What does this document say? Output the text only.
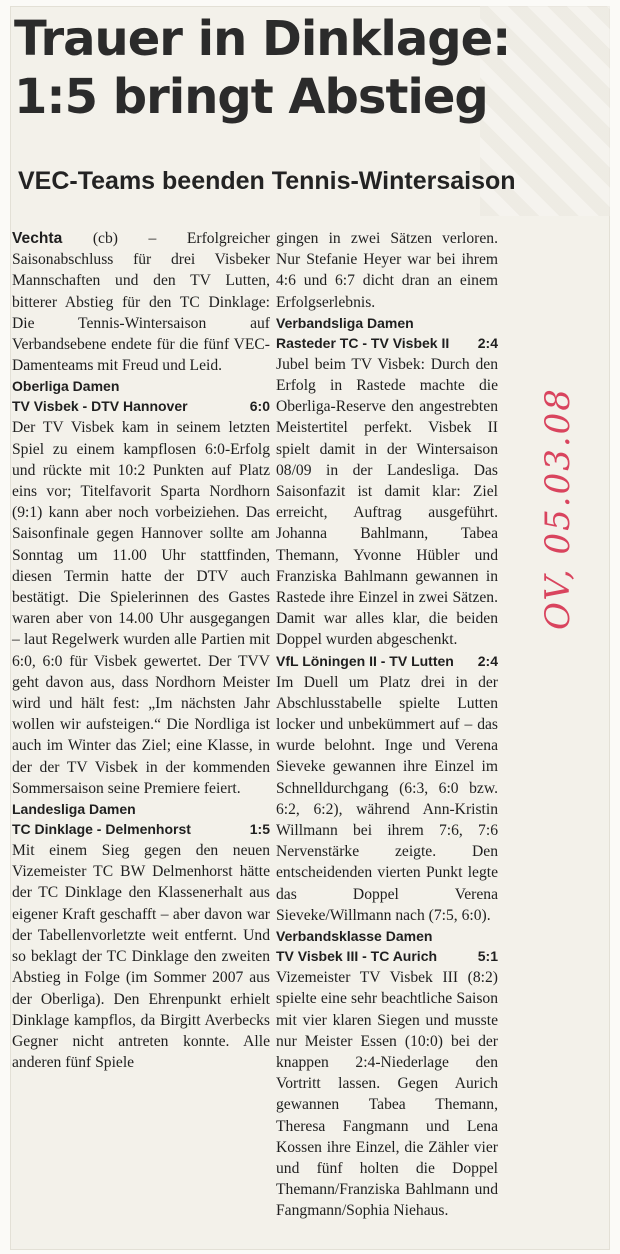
Trauer in Dinklage: 1:5 bringt Abstieg
VEC-Teams beenden Tennis-Wintersaison

Vechta (cb) – Erfolgreicher Saisonabschluss für drei Visbeker Mannschaften und den TV Lutten, bitterer Abstieg für den TC Dinklage: Die Tennis-Wintersaison auf Verbandsebene endete für die fünf VEC-Damenteams mit Freud und Leid.

Oberliga Damen

TV Visbek - DTV Hannover	6:0

Der TV Visbek kam in seinem letzten Spiel zu einem kampflosen 6:0-Erfolg und rückte mit 10:2 Punkten auf Platz eins vor; Titelfavorit Sparta Nordhorn (9:1) kann aber noch vorbeiziehen. Das Saisonfinale gegen Hannover sollte am Sonntag um 11.00 Uhr stattfinden, diesen Termin hatte der DTV auch bestätigt. Die Spielerinnen des Gastes waren aber von 14.00 Uhr ausgegangen – laut Regelwerk wurden alle Partien mit 6:0, 6:0 für Visbek gewertet. Der TVV geht davon aus, dass Nordhorn Meister wird und hält fest: „Im nächsten Jahr wollen wir aufsteigen.“ Die Nordliga ist auch im Winter das Ziel; eine Klasse, in der der TV Visbek in der kommenden Sommersaison seine Premiere feiert.

Landesliga Damen

TC Dinklage - Delmenhorst	1:5

Mit einem Sieg gegen den neuen Vizemeister TC BW Delmenhorst hätte der TC Dinklage den Klassenerhalt aus eigener Kraft geschafft – aber davon war der Tabellenvorletzte weit entfernt. Und so beklagt der TC Dinklage den zweiten Abstieg in Folge (im Sommer 2007 aus der Oberliga). Den Ehrenpunkt erhielt Dinklage kampflos, da Birgitt Averbecks Gegner nicht antreten konnte. Alle anderen fünf Spiele

gingen in zwei Sätzen verloren. Nur Stefanie Heyer war bei ihrem 4:6 und 6:7 dicht dran an einem Erfolgserlebnis.

Verbandsliga Damen

Rasteder TC - TV Visbek II 2:4

Jubel beim TV Visbek: Durch den Erfolg in Rastede machte die Oberliga-Reserve den angestrebten Meistertitel perfekt. Visbek II spielt damit in der Wintersaison 08/09 in der Landesliga. Das Saisonfazit ist damit klar: Ziel erreicht, Auftrag ausgeführt. Johanna Bahlmann, Tabea Themann, Yvonne Hübler und Franziska Bahlmann gewannen in Rastede ihre Einzel in zwei Sätzen. Damit war alles klar, die beiden Doppel wurden abgeschenkt.

VfL Löningen II - TV Lutten 2:4

Im Duell um Platz drei in der Abschlusstabelle spielte Lutten locker und unbekümmert auf – das wurde belohnt. Inge und Verena Sieveke gewannen ihre Einzel im Schnelldurchgang (6:3, 6:0 bzw. 6:2, 6:2), während Ann-Kristin Willmann bei ihrem 7:6, 7:6 Nervenstärke zeigte. Den entscheidenden vierten Punkt legte das Doppel Verena Sieveke/Willmann nach (7:5, 6:0).

Verbandsklasse Damen

TV Visbek III - TC Aurich	5:1

Vizemeister TV Visbek III (8:2) spielte eine sehr beachtliche Saison mit vier klaren Siegen und musste nur Meister Essen (10:0) bei der knappen 2:4-Niederlage den Vortritt lassen. Gegen Aurich gewannen Tabea Themann, Theresa Fangmann und Lena Kossen ihre Einzel, die Zähler vier und fünf holten die Doppel Themann/Franziska Bahlmann und Fangmann/Sophia Niehaus.

OV, 05.03.08
